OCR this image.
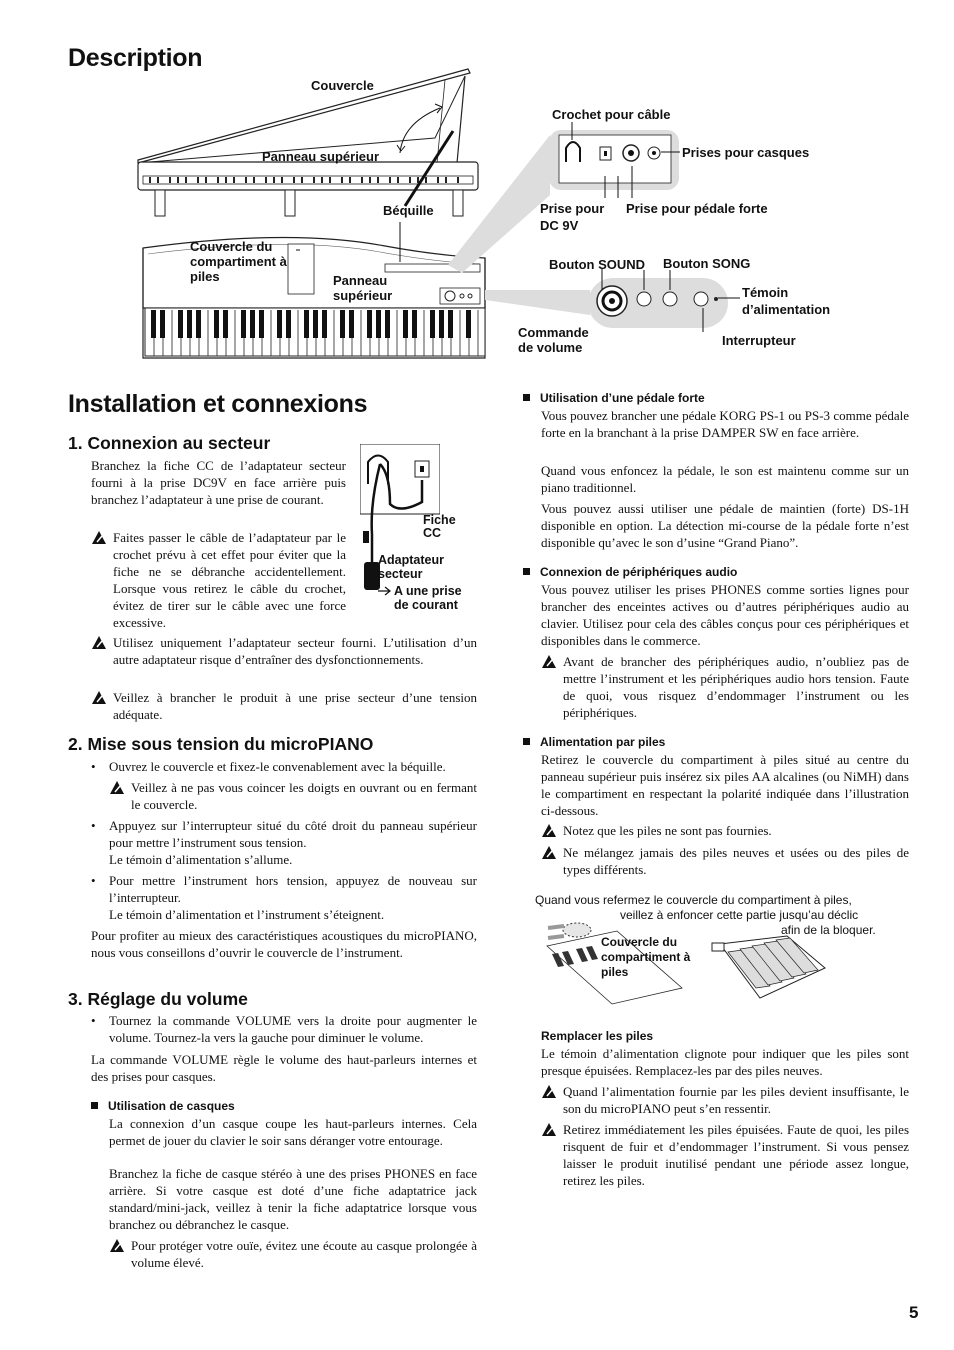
Description
Couvercle
Panneau supérieur
Béquille
Couvercle du compartiment à piles	Panneau supérieur
Crochet pour câble
Prises pour casques
Prise pour DC 9V
Prise pour pédale forte
Bouton SOUND Bouton SONG
Témoin d’alimentation
Commande de volume	Interrupteur
Installation et connexions
1. Connexion au secteur

Branchez la fiche CC de l’adaptateur secteur fourni à la prise DC9V en face arrière puis branchez l’adaptateur à une prise de courant.

Fiche CC
Adaptateur secteur
A une prise de courant
Faites passer le câble de l’adaptateur par le crochet prévu à cet effet pour éviter que la fiche ne se débranche accidentellement. Lorsque vous retirez le câble du crochet, évitez de tirer sur le câble avec une force excessive.
Utilisez uniquement l’adaptateur secteur fourni. L’utilisation d’un autre adaptateur risque d’entraîner des dysfonctionnements.
Veillez à brancher le produit à une prise secteur d’une tension adéquate.
2. Mise sous tension du microPIANO
• Ouvrez le couvercle et fixez-le convenablement avec la béquille.
Veillez à ne pas vous coincer les doigts en ouvrant ou en fermant le couvercle.
• Appuyez sur l’interrupteur situé du côté droit du panneau supérieur pour mettre l’instrument sous tension.
Le témoin d’alimentation s’allume.
• Pour mettre l’instrument hors tension, appuyez de nouveau sur l’interrupteur.
Le témoin d’alimentation et l’instrument s’éteignent.

Pour profiter au mieux des caractéristiques acoustiques du microPIANO, nous vous conseillons d’ouvrir le couvercle de l’instrument.

3. Réglage du volume
• Tournez la commande VOLUME vers la droite pour augmenter le volume. Tournez-la vers la gauche pour diminuer le volume.

La commande VOLUME règle le volume des haut-parleurs internes et des prises pour casques.

Utilisation de casques

La connexion d’un casque coupe les haut-parleurs internes. Cela permet de jouer du clavier le soir sans déranger votre entourage.

Branchez la fiche de casque stéréo à une des prises PHONES en face arrière. Si votre casque est doté d’une fiche adaptatrice jack standard/mini-jack, veillez à tenir la fiche adaptatrice lorsque vous branchez ou débranchez le casque.

Pour protéger votre ouïe, évitez une écoute au casque prolongée à volume élevé.
Utilisation d’une pédale forte

Vous pouvez brancher une pédale KORG PS-1 ou PS-3 comme pédale forte en la branchant à la prise DAMPER SW en face arrière.

Quand vous enfoncez la pédale, le son est maintenu comme sur un piano traditionnel.

Vous pouvez aussi utiliser une pédale de maintien (forte) DS-1H disponible en option. La détection mi-course de la pédale forte n’est disponible qu’avec le son d’usine “Grand Piano”.

Connexion de périphériques audio

Vous pouvez utiliser les prises PHONES comme sorties lignes pour brancher des enceintes actives ou d’autres périphériques audio au clavier. Utilisez pour cela des câbles conçus pour ces périphériques et disponibles dans le commerce.

Avant de brancher des périphériques audio, n’oubliez pas de mettre l’instrument et les périphériques audio hors tension. Faute de quoi, vous risquez d’endommager l’instrument ou les périphériques.
Alimentation par piles

Retirez le couvercle du compartiment à piles situé au centre du panneau supérieur puis insérez six piles AA alcalines (ou NiMH) dans le compartiment en respectant la polarité indiquée dans l’illustration ci-dessous.

Notez que les piles ne sont pas fournies.
Ne mélangez jamais des piles neuves et usées ou des piles de types différents.
Quand vous refermez le couvercle du compartiment à piles,
veillez à enfoncer cette partie jusqu’au déclic
afin de la bloquer.
Couvercle du compartiment à piles
Remplacer les piles

Le témoin d’alimentation clignote pour indiquer que les piles sont presque épuisées. Remplacez-les par des piles neuves.

Quand l’alimentation fournie par les piles devient insuffisante, le son du microPIANO peut s’en ressentir.
Retirez immédiatement les piles épuisées. Faute de quoi, les piles risquent de fuir et d’endommager l’instrument. Si vous pensez laisser le produit inutilisé pendant une période assez longue, retirez les piles.
5
